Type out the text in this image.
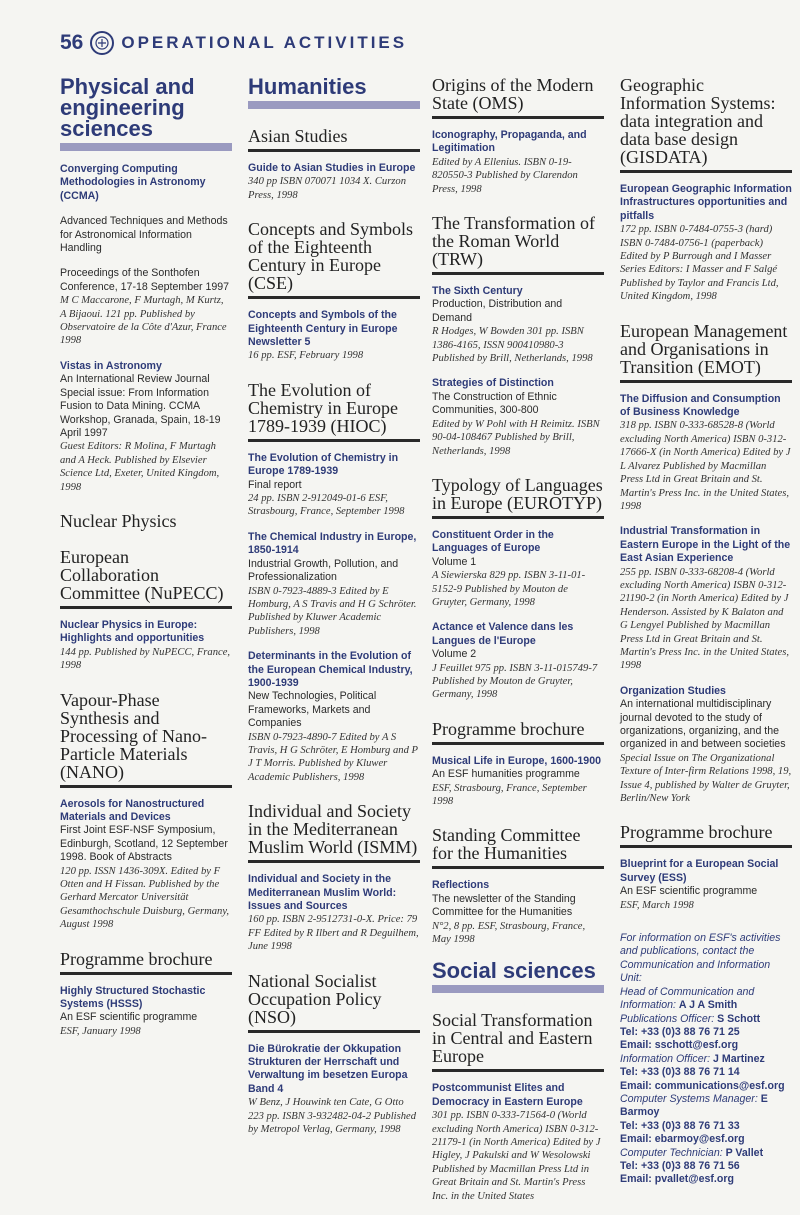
56 OPERATIONAL ACTIVITIES
Physical and engineering sciences
Converging Computing Methodologies in Astronomy (CCMA)
Advanced Techniques and Methods for Astronomical Information Handling
Proceedings of the Sonthofen Conference, 17-18 September 1997
M C Maccarone, F Murtagh, M Kurtz, A Bijaoui. 121 pp. Published by Observatoire de la Côte d'Azur, France 1998
Vistas in Astronomy
An International Review Journal Special issue: From Information Fusion to Data Mining. CCMA Workshop, Granada, Spain, 18-19 April 1997
Guest Editors: R Molina, F Murtagh and A Heck. Published by Elsevier Science Ltd, Exeter, United Kingdom, 1998
Nuclear Physics
European Collaboration Committee (NuPECC)
Nuclear Physics in Europe: Highlights and opportunities
144 pp. Published by NuPECC, France, 1998
Vapour-Phase Synthesis and Processing of Nano-Particle Materials (NANO)
Aerosols for Nanostructured Materials and Devices
First Joint ESF-NSF Symposium, Edinburgh, Scotland, 12 September 1998. Book of Abstracts
120 pp. ISSN 1436-309X. Edited by F Otten and H Fissan. Published by the Gerhard Mercator Universität Gesamthochschule Duisburg, Germany, August 1998
Programme brochure
Highly Structured Stochastic Systems (HSSS)
An ESF scientific programme
ESF, January 1998
Humanities
Asian Studies
Guide to Asian Studies in Europe
340 pp ISBN 070071 1034 X. Curzon Press, 1998
Concepts and Symbols of the Eighteenth Century in Europe (CSE)
Concepts and Symbols of the Eighteenth Century in Europe Newsletter 5
16 pp. ESF, February 1998
The Evolution of Chemistry in Europe 1789-1939 (HIOC)
The Evolution of Chemistry in Europe 1789-1939
Final report
24 pp. ISBN 2-912049-01-6 ESF, Strasbourg, France, September 1998
The Chemical Industry in Europe, 1850-1914
Industrial Growth, Pollution, and Professionalization
ISBN 0-7923-4889-3 Edited by E Homburg, A S Travis and H G Schröter. Published by Kluwer Academic Publishers, 1998
Determinants in the Evolution of the European Chemical Industry, 1900-1939
New Technologies, Political Frameworks, Markets and Companies
ISBN 0-7923-4890-7 Edited by A S Travis, H G Schröter, E Homburg and P J T Morris. Published by Kluwer Academic Publishers, 1998
Individual and Society in the Mediterranean Muslim World (ISMM)
Individual and Society in the Mediterranean Muslim World: Issues and Sources
160 pp. ISBN 2-9512731-0-X. Price: 79 FF Edited by R Ilbert and R Deguilhem, June 1998
National Socialist Occupation Policy (NSO)
Die Bürokratie der Okkupation Strukturen der Herrschaft und Verwaltung im besetzen Europa Band 4
W Benz, J Houwink ten Cate, G Otto 223 pp. ISBN 3-932482-04-2 Published by Metropol Verlag, Germany, 1998
Origins of the Modern State (OMS)
Iconography, Propaganda, and Legitimation
Edited by A Ellenius. ISBN 0-19-820550-3 Published by Clarendon Press, 1998
The Transformation of the Roman World (TRW)
The Sixth Century
Production, Distribution and Demand
R Hodges, W Bowden 301 pp. ISBN 1386-4165, ISSN 900410980-3 Published by Brill, Netherlands, 1998
Strategies of Distinction
The Construction of Ethnic Communities, 300-800
Edited by W Pohl with H Reimitz. ISBN 90-04-108467 Published by Brill, Netherlands, 1998
Typology of Languages in Europe (EUROTYP)
Constituent Order in the Languages of Europe
Volume 1
A Siewierska 829 pp. ISBN 3-11-01-5152-9 Published by Mouton de Gruyter, Germany, 1998
Actance et Valence dans les Langues de l'Europe
Volume 2
J Feuillet 975 pp. ISBN 3-11-015749-7 Published by Mouton de Gruyter, Germany, 1998
Programme brochure
Musical Life in Europe, 1600-1900
An ESF humanities programme
ESF, Strasbourg, France, September 1998
Standing Committee for the Humanities
Reflections
The newsletter of the Standing Committee for the Humanities
N°2, 8 pp. ESF, Strasbourg, France, May 1998
Social sciences
Social Transformation in Central and Eastern Europe
Postcommunist Elites and Democracy in Eastern Europe
301 pp. ISBN 0-333-71564-0 (World excluding North America) ISBN 0-312-21179-1 (in North America) Edited by J Higley, J Pakulski and W Wesolowski Published by Macmillan Press Ltd in Great Britain and St. Martin's Press Inc. in the United States
Geographic Information Systems: data integration and data base design (GISDATA)
European Geographic Information Infrastructures opportunities and pitfalls
172 pp. ISBN 0-7484-0755-3 (hard) ISBN 0-7484-0756-1 (paperback) Edited by P Burrough and I Masser Series Editors: I Masser and F Salgé Published by Taylor and Francis Ltd, United Kingdom, 1998
European Management and Organisations in Transition (EMOT)
The Diffusion and Consumption of Business Knowledge
318 pp. ISBN 0-333-68528-8 (World excluding North America) ISBN 0-312-17666-X (in North America) Edited by J L Alvarez Published by Macmillan Press Ltd in Great Britain and St. Martin's Press Inc. in the United States, 1998
Industrial Transformation in Eastern Europe in the Light of the East Asian Experience
255 pp. ISBN 0-333-68208-4 (World excluding North America) ISBN 0-312-21190-2 (in North America) Edited by J Henderson. Assisted by K Balaton and G Lengyel Published by Macmillan Press Ltd in Great Britain and St. Martin's Press Inc. in the United States, 1998
Organization Studies
An international multidisciplinary journal devoted to the study of organizations, organizing, and the organized in and between societies
Special Issue on The Organizational Texture of Inter-firm Relations 1998, 19, Issue 4, published by Walter de Gruyter, Berlin/New York
Programme brochure
Blueprint for a European Social Survey (ESS)
An ESF scientific programme
ESF, March 1998
For information on ESF's activities and publications, contact the Communication and Information Unit:
Head of Communication and Information: A J A Smith
Publications Officer: S Schott
Tel: +33 (0)3 88 76 71 25
Email: sschott@esf.org
Information Officer: J Martinez
Tel: +33 (0)3 88 76 71 14
Email: communications@esf.org
Computer Systems Manager: E Barmoy
Tel: +33 (0)3 88 76 71 33
Email: ebarmoy@esf.org
Computer Technician: P Vallet
Tel: +33 (0)3 88 76 71 56
Email: pvallet@esf.org
